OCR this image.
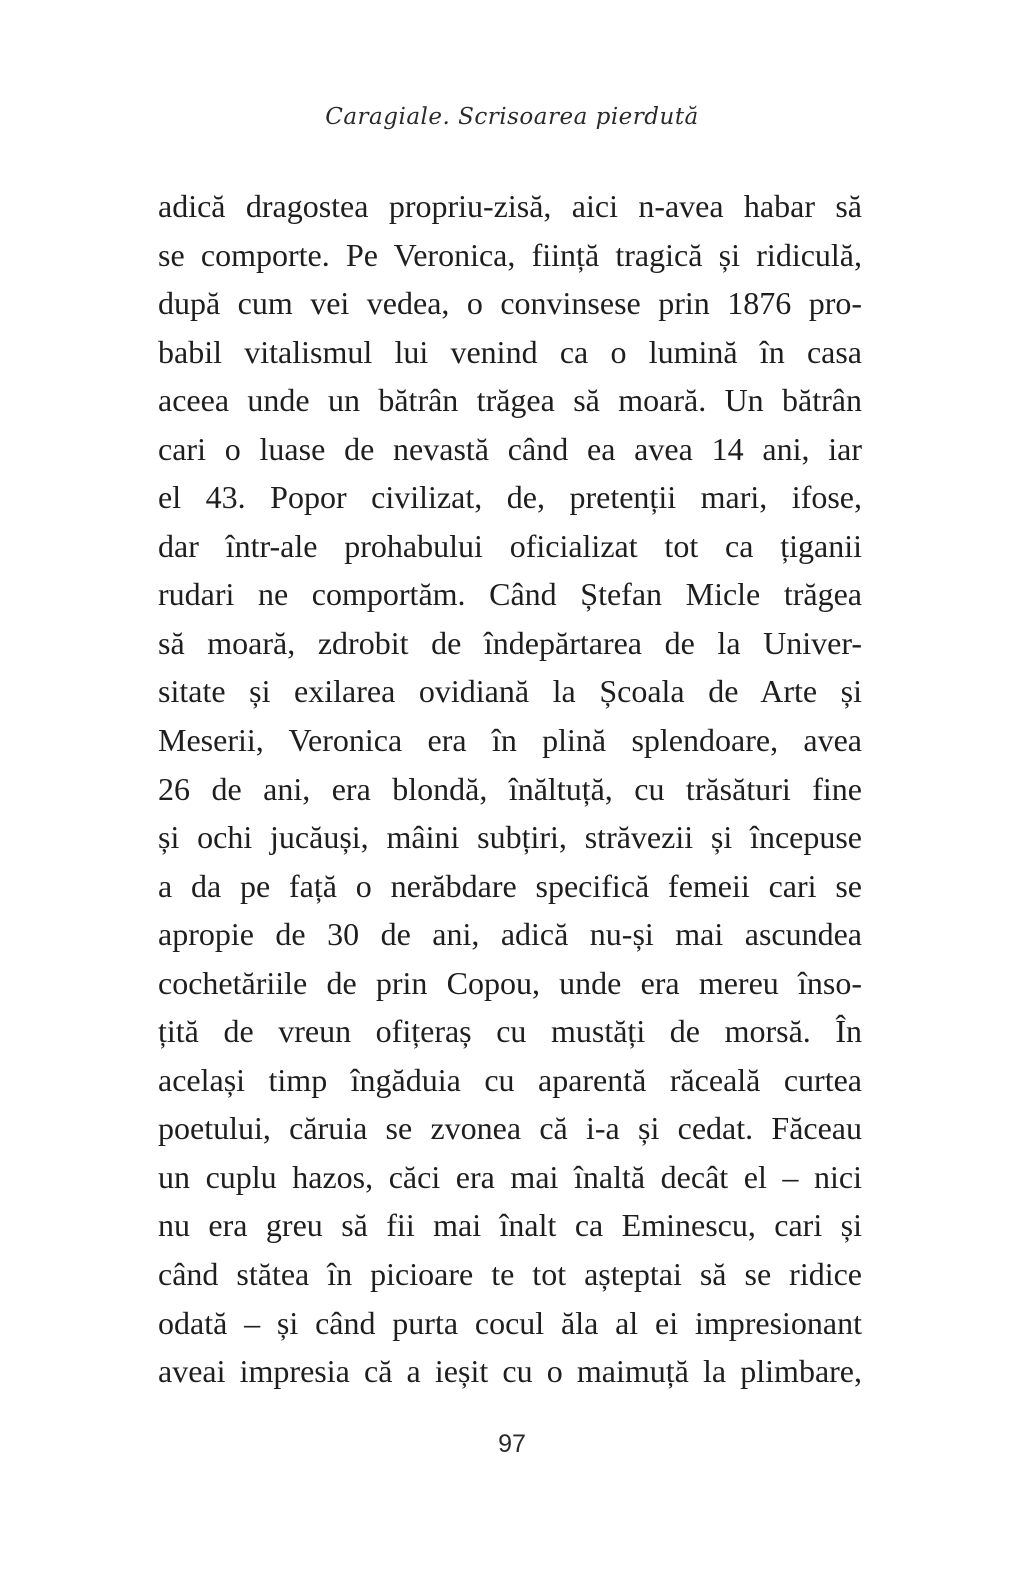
Caragiale. Scrisoarea pierdută
adică dragostea propriu-zisă, aici n-avea habar să
se comporte. Pe Veronica, ființă tragică și ridiculă,
după cum vei vedea, o convinsese prin 1876 pro-
babil vitalismul lui venind ca o lumină în casa
aceea unde un bătrân trăgea să moară. Un bătrân
cari o luase de nevastă când ea avea 14 ani, iar
el 43. Popor civilizat, de, pretenții mari, ifose,
dar într-ale prohabului oficializat tot ca țiganii
rudari ne comportăm. Când Ștefan Micle trăgea
să moară, zdrobit de îndepărtarea de la Univer-
sitate și exilarea ovidiană la Școala de Arte și
Meserii, Veronica era în plină splendoare, avea
26 de ani, era blondă, înăltuță, cu trăsături fine
și ochi jucăuși, mâini subțiri, străvezii și începuse
a da pe față o nerăbdare specifică femeii cari se
apropie de 30 de ani, adică nu-și mai ascundea
cochetăriile de prin Copou, unde era mereu înso-
țită de vreun ofițeraș cu mustăți de morsă. În
același timp îngăduia cu aparentă răceală curtea
poetului, căruia se zvonea că i-a și cedat. Făceau
un cuplu hazos, căci era mai înaltă decât el – nici
nu era greu să fii mai înalt ca Eminescu, cari și
când stătea în picioare te tot așteptai să se ridice
odată – și când purta cocul ăla al ei impresionant
aveai impresia că a ieșit cu o maimuță la plimbare,
97
